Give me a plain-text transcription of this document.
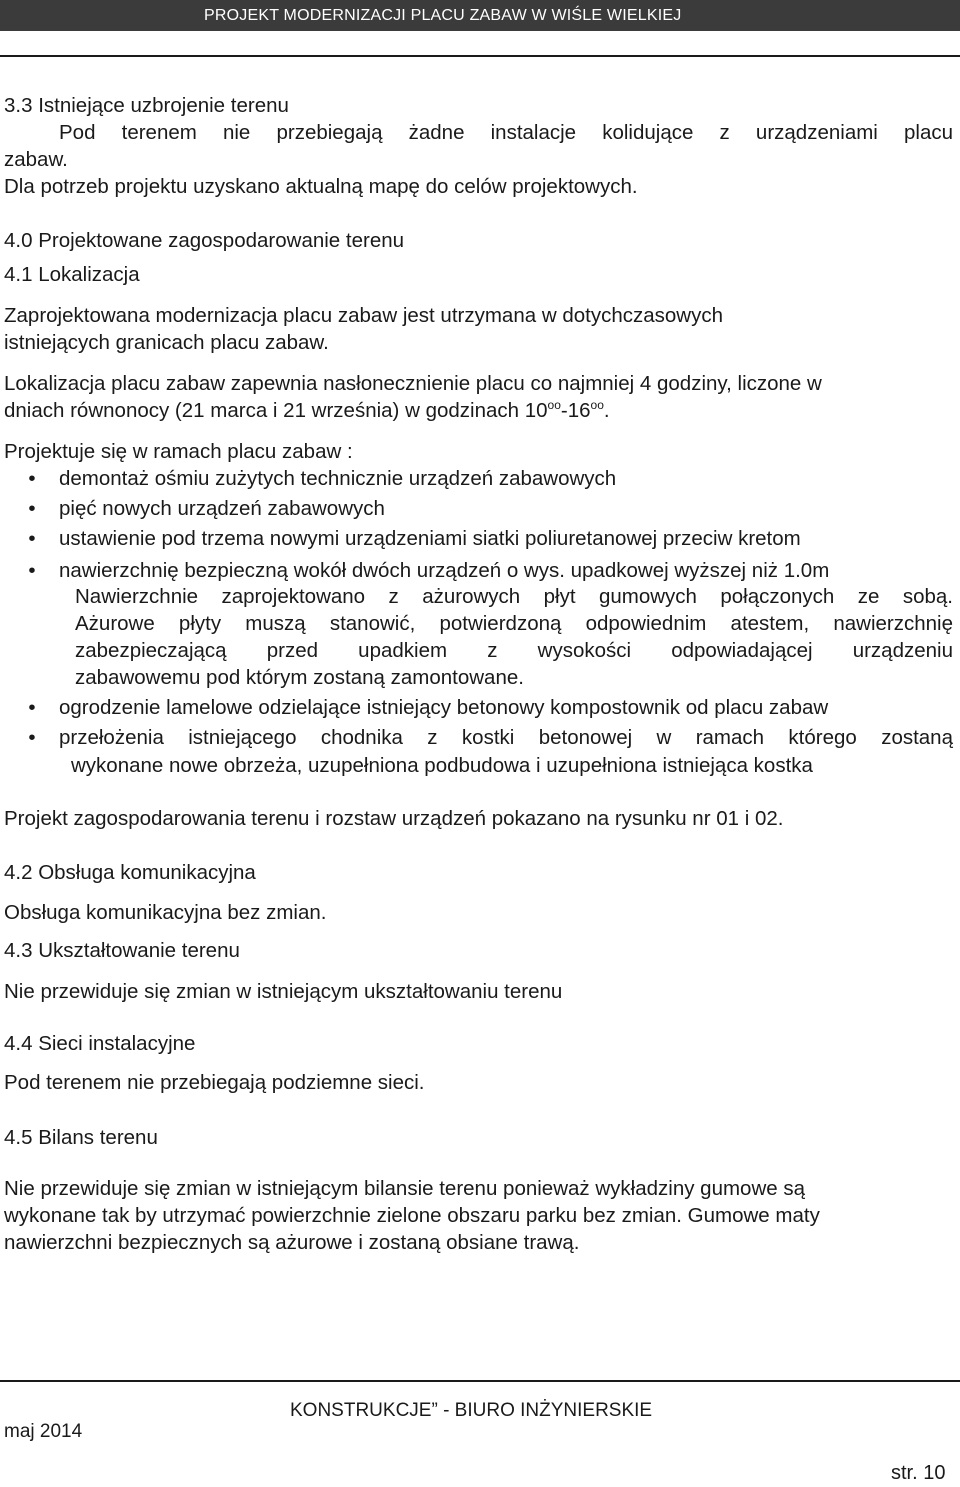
PROJEKT MODERNIZACJI PLACU ZABAW W WIŚLE WIELKIEJ
3.3 Istniejące uzbrojenie terenu
Pod terenem nie przebiegają żadne instalacje kolidujące z urządzeniami placu
zabaw.
Dla potrzeb projektu uzyskano aktualną mapę do celów projektowych.
4.0 Projektowane zagospodarowanie terenu
4.1 Lokalizacja
Zaprojektowana modernizacja placu zabaw jest utrzymana w dotychczasowych
istniejących granicach placu zabaw.
Lokalizacja placu zabaw zapewnia nasłonecznienie placu co najmniej 4 godziny, liczone w
dniach równonocy (21 marca i 21 września) w godzinach $10^{oo}-16^{oo}$.
Projektuje się w ramach placu zabaw :
• demontaż ośmiu zużytych technicznie urządzeń zabawowych
• pięć nowych urządzeń zabawowych
• ustawienie pod trzema nowymi urządzeniami siatki poliuretanowej przeciw kretom
• nawierzchnię bezpieczną wokół dwóch urządzeń o wys. upadkowej wyższej niż 1.0m
Nawierzchnie zaprojektowano z ażurowych płyt gumowych połączonych ze sobą.
Ażurowe płyty muszą stanowić, potwierdzoną odpowiednim atestem, nawierzchnię
zabezpieczającą przed upadkiem z wysokości odpowiadającej urządzeniu
zabawowemu pod którym zostaną zamontowane.
• ogrodzenie lamelowe odzielające istniejący betonowy kompostownik od placu zabaw
• przełożenia istniejącego chodnika z kostki betonowej w ramach którego zostaną
wykonane nowe obrzeża, uzupełniona podbudowa i uzupełniona istniejąca kostka
Projekt zagospodarowania terenu i rozstaw urządzeń pokazano na rysunku nr 01 i 02.
4.2 Obsługa komunikacyjna
Obsługa komunikacyjna bez zmian.
4.3 Ukształtowanie terenu
Nie przewiduje się zmian w istniejącym ukształtowaniu terenu
4.4 Sieci instalacyjne
Pod terenem nie przebiegają podziemne sieci.
4.5 Bilans terenu
Nie przewiduje się zmian w istniejącym bilansie terenu ponieważ wykładziny gumowe są
wykonane tak by utrzymać powierzchnie zielone obszaru parku bez zmian. Gumowe maty
nawierzchni bezpiecznych są ażurowe i zostaną obsiane trawą.
KONSTRUKCJE” - BIURO INŻYNIERSKIE
maj 2014
str. 10
